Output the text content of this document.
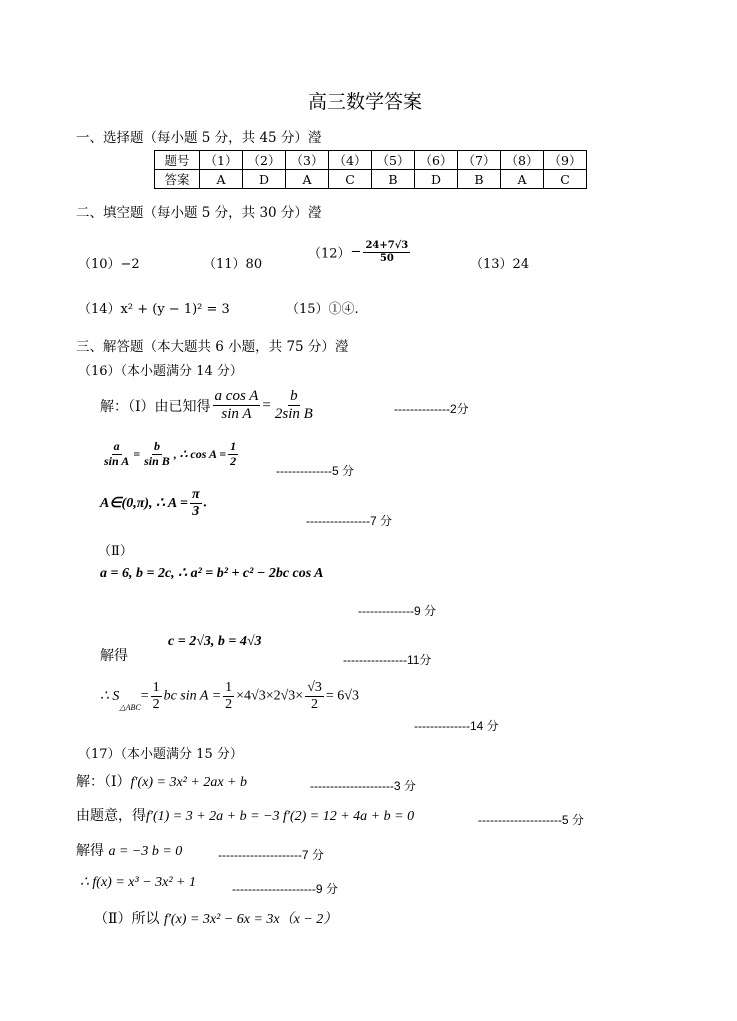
高三数学答案
一、选择题（每小题 5 分，共 45 分）瀅
题号	（1）	（2）	（3）	（4）	（5）	（6）	（7）	（8）	（9）
答案	A	D	A	C	B	D	B	A	C
二、填空题（每小题 5 分，共 30 分）瀅
（10）−2	（11）80
$(12)- \frac{24+7√3}{50}$
（13）24
（14）x² + (y − 1)² = 3	（15）①④.
三、解答题（本大题共 6 小题，共 75 分）瀅
（16）（本小题满分 14 分）
解：（Ⅰ）由已知得 $\frac{\text{a cos A}}{\text{sin A}} = \frac{b}{\text{2sin B}}$	--------------2分
$\frac{a}{\text{sin A}} = \frac{b}{\text{sin B}}$ , ∴ $\cos A = \frac{1}{2}$
--------------5 分
A∈(0,π), ∴ $A = \frac{\pi}{3}$ .
----------------7 分
（Ⅱ）
a = 6, b = 2c, ∴ a² = b² + c² − 2bc cos A
--------------9 分
解得
c = 2√3, b = 4√3
----------------11分
∴ $S_{\triangle ABC}= \frac{1}{2}$ bc $\sin A = \frac{1}{2} \times 4√3\times 2√3\times \frac{√3}{2} = 6√3$
--------------14 分
（17）（本小题满分 15 分）
解：（Ⅰ）f′(x) = 3x² + 2ax + b	---------------------3 分
由题意，得f′(1) = 3 + 2a + b = −3 f′(2) = 12 + 4a + b = 0	---------------------5 分
解得 a = −3 b = 0	---------------------7 分
∴ f(x) = x³ − 3x² + 1	---------------------9 分
（Ⅱ）所以 f′(x) = 3x² − 6x = 3x（x − 2）
